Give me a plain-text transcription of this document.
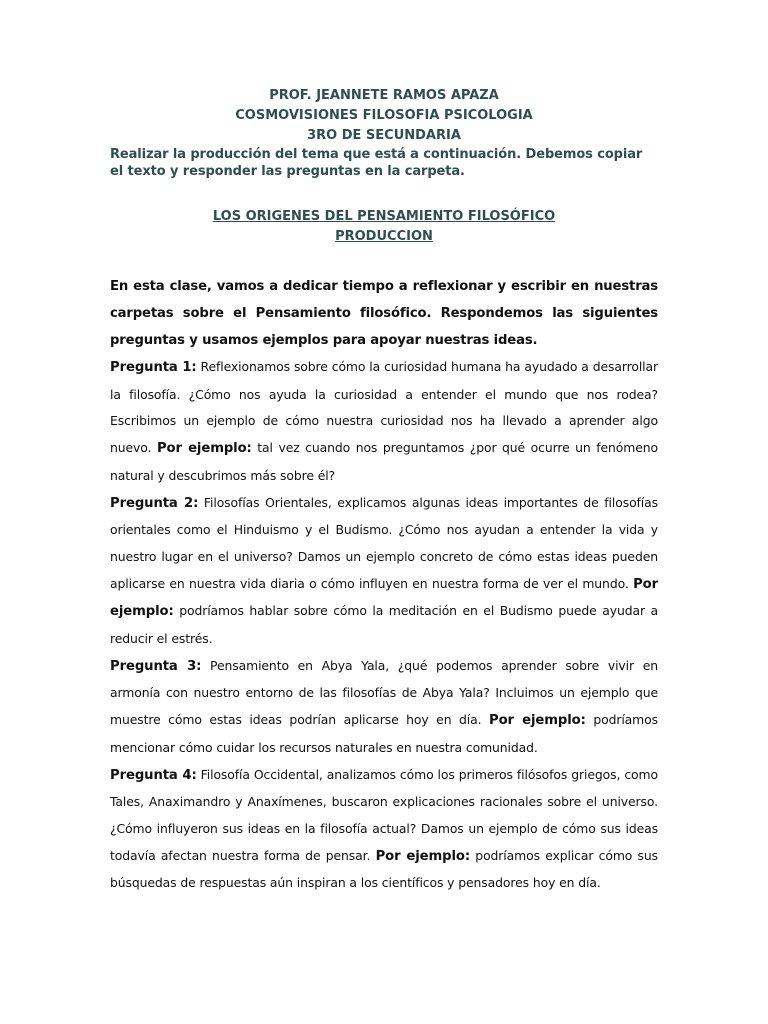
PROF. JEANNETE RAMOS APAZA

COSMOVISIONES FILOSOFIA PSICOLOGIA

3RO DE SECUNDARIA

Realizar la producción del tema que está a continuación. Debemos copiar el texto y responder las preguntas en la carpeta.

LOS ORIGENES DEL PENSAMIENTO FILOSÓFICO

PRODUCCION

En esta clase, vamos a dedicar tiempo a reflexionar y escribir en nuestras carpetas sobre el Pensamiento filosófico. Respondemos las siguientes preguntas y usamos ejemplos para apoyar nuestras ideas.

Pregunta 1: Reflexionamos sobre cómo la curiosidad humana ha ayudado a desarrollar la filosofía. ¿Cómo nos ayuda la curiosidad a entender el mundo que nos rodea? Escribimos un ejemplo de cómo nuestra curiosidad nos ha llevado a aprender algo nuevo. Por ejemplo: tal vez cuando nos preguntamos ¿por qué ocurre un fenómeno natural y descubrimos más sobre él?

Pregunta 2: Filosofías Orientales, explicamos algunas ideas importantes de filosofías orientales como el Hinduismo y el Budismo. ¿Cómo nos ayudan a entender la vida y nuestro lugar en el universo? Damos un ejemplo concreto de cómo estas ideas pueden aplicarse en nuestra vida diaria o cómo influyen en nuestra forma de ver el mundo. Por ejemplo: podríamos hablar sobre cómo la meditación en el Budismo puede ayudar a reducir el estrés.

Pregunta 3: Pensamiento en Abya Yala, ¿qué podemos aprender sobre vivir en armonía con nuestro entorno de las filosofías de Abya Yala? Incluimos un ejemplo que muestre cómo estas ideas podrían aplicarse hoy en día. Por ejemplo: podríamos mencionar cómo cuidar los recursos naturales en nuestra comunidad.

Pregunta 4: Filosofía Occidental, analizamos cómo los primeros filósofos griegos, como Tales, Anaximandro y Anaxímenes, buscaron explicaciones racionales sobre el universo. ¿Cómo influyeron sus ideas en la filosofía actual? Damos un ejemplo de cómo sus ideas todavía afectan nuestra forma de pensar. Por ejemplo: podríamos explicar cómo sus búsquedas de respuestas aún inspiran a los científicos y pensadores hoy en día.
